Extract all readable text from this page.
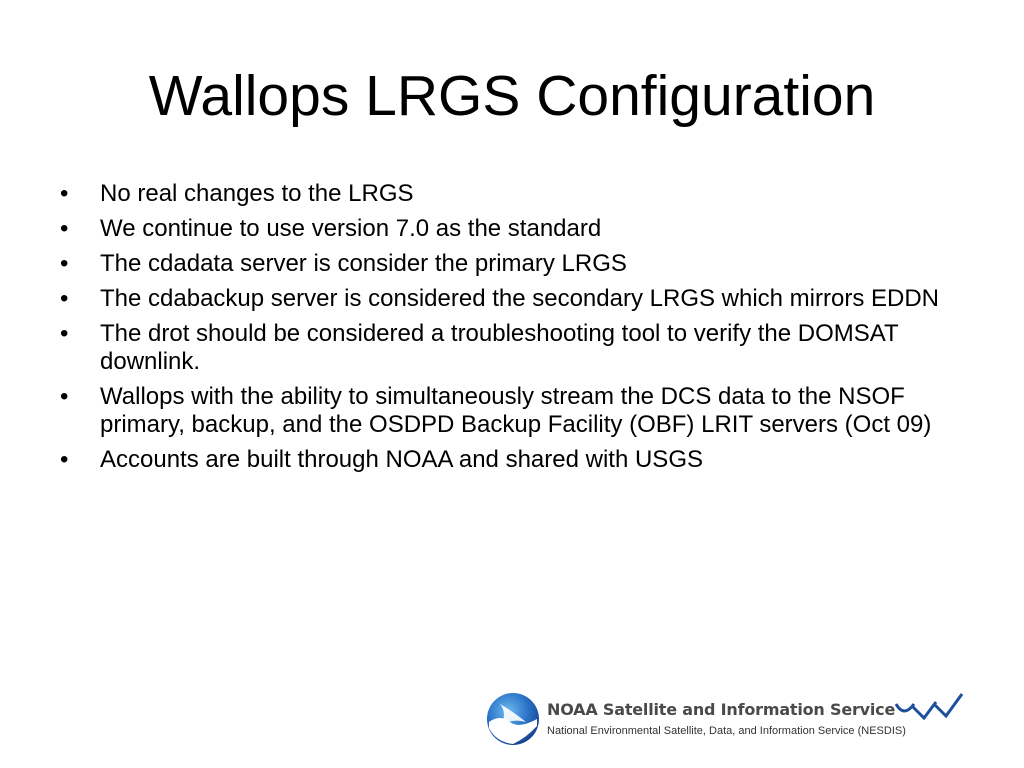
Wallops LRGS Configuration
•	No real changes to the LRGS
•	We continue to use version 7.0 as the standard
•	The cdadata server is consider the primary LRGS
•	The cdabackup server is considered the secondary LRGS which mirrors EDDN
•	The drot should be considered a troubleshooting tool to verify the DOMSAT downlink.
•	Wallops with the ability to simultaneously stream the DCS data to the NSOF primary, backup, and the OSDPD Backup Facility (OBF) LRIT servers (Oct 09)
•	Accounts are built through NOAA and shared with USGS
NOAA Satellite and Information Service
National Environmental Satellite, Data, and Information Service (NESDIS)
